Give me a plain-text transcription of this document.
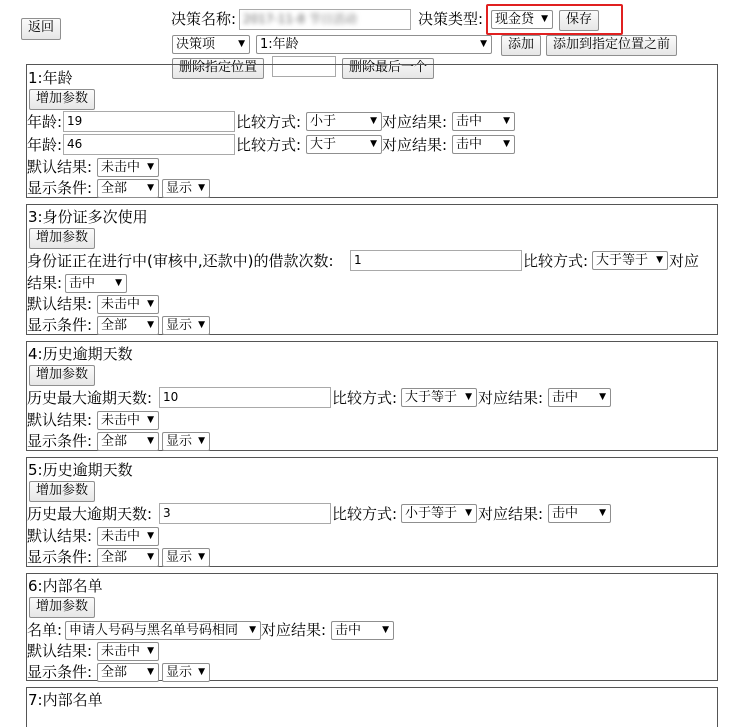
返回	决策名称: 2017-11-8 节日活动	决策类型: 现金贷 ▼	保存
决策项	▼	1:年龄	▼	添加	添加到指定位置之前
删除指定位置	删除最后一个
1:年龄
增加参数
年龄: 19	比较方式: 小于	▼ 对应结果: 击中 ▼
年龄: 46	比较方式: 大于	▼ 对应结果: 击中 ▼
默认结果: 未击中 ▼
显示条件: 全部 ▼ 显示 ▼
3:身份证多次使用
增加参数
身份证正在进行中(审核中,还款中)的借款次数:	1	比较方式: 大于等于 ▼ 对应
结果: 击中 ▼
默认结果: 未击中 ▼
显示条件: 全部 ▼ 显示 ▼
4:历史逾期天数
增加参数
历史最大逾期天数: 10	比较方式: 大于等于 ▼ 对应结果: 击中 ▼
默认结果: 未击中 ▼
显示条件: 全部 ▼ 显示 ▼
5:历史逾期天数
增加参数
历史最大逾期天数: 3	比较方式: 小于等于 ▼ 对应结果: 击中 ▼
默认结果: 未击中 ▼
显示条件: 全部 ▼ 显示 ▼
6:内部名单
增加参数
名单: 申请人号码与黑名单号码相同 ▼ 对应结果: 击中 ▼
默认结果: 未击中 ▼
显示条件: 全部 ▼ 显示 ▼
7:内部名单
